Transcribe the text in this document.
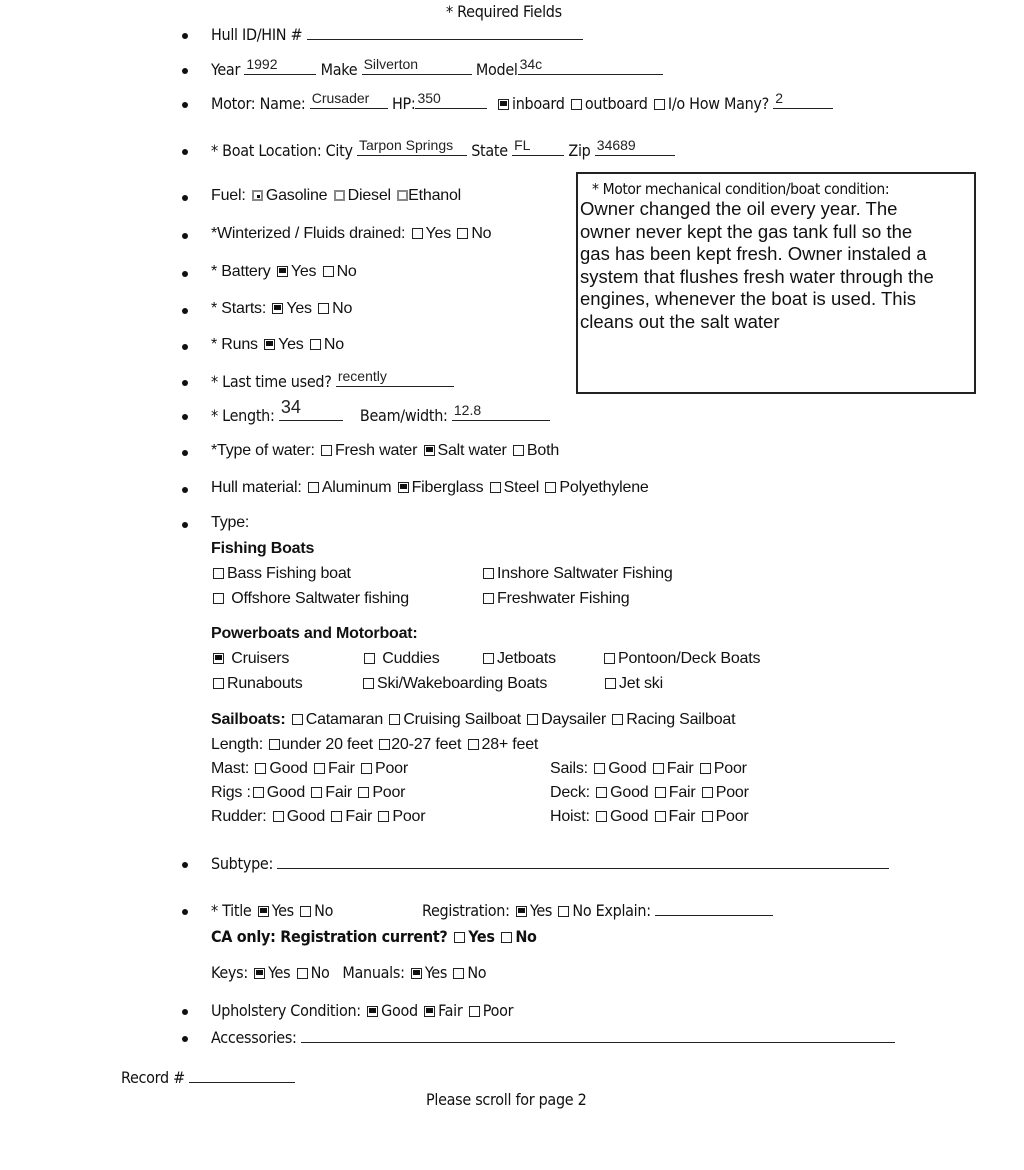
* Required Fields
Hull ID/HIN #
Year 1992	Make Silverton	Model 34c
Motor: Name: Crusader HP: 350	inboard outboard I/o How Many? 2
* Boat Location: City Tarpon Springs State FL Zip 34689
Fuel: Gasoline Diesel Ethanol
*Winterized / Fluids drained: Yes No
* Battery Yes No
* Starts: Yes No
* Runs Yes No
* Motor mechanical condition/boat condition:
Owner changed the oil every year. The
owner never kept the gas tank full so the
gas has been kept fresh. Owner instaled a
system that flushes fresh water through the
engines, whenever the boat is used. This
cleans out the salt water
* Last time used? recently
* Length: 34	Beam/width: 12.8
*Type of water: Fresh water Salt water Both
Hull material: Aluminum Fiberglass Steel Polyethylene
Type:
Fishing Boats
Bass Fishing boat	Inshore Saltwater Fishing
Offshore Saltwater fishing	Freshwater Fishing
Powerboats and Motorboat:
Cruisers	Cuddies	Jetboats	Pontoon/Deck Boats
Runabouts	Ski/Wakeboarding Boats	Jet ski
Sailboats: Catamaran Cruising Sailboat Daysailer Racing Sailboat
Length: under 20 feet 20-27 feet 28+ feet
Mast: Good Fair Poor	Sails: Good Fair Poor
Rigs : Good Fair Poor	Deck: Good Fair Poor
Rudder: Good Fair Poor	Hoist: Good Fair Poor
Subtype:
* Title Yes No	Registration: Yes No Explain:
CA only: Registration current? Yes No
Keys: Yes No Manuals: Yes No
Upholstery Condition: Good Fair Poor
Accessories:
Record #
Please scroll for page 2
